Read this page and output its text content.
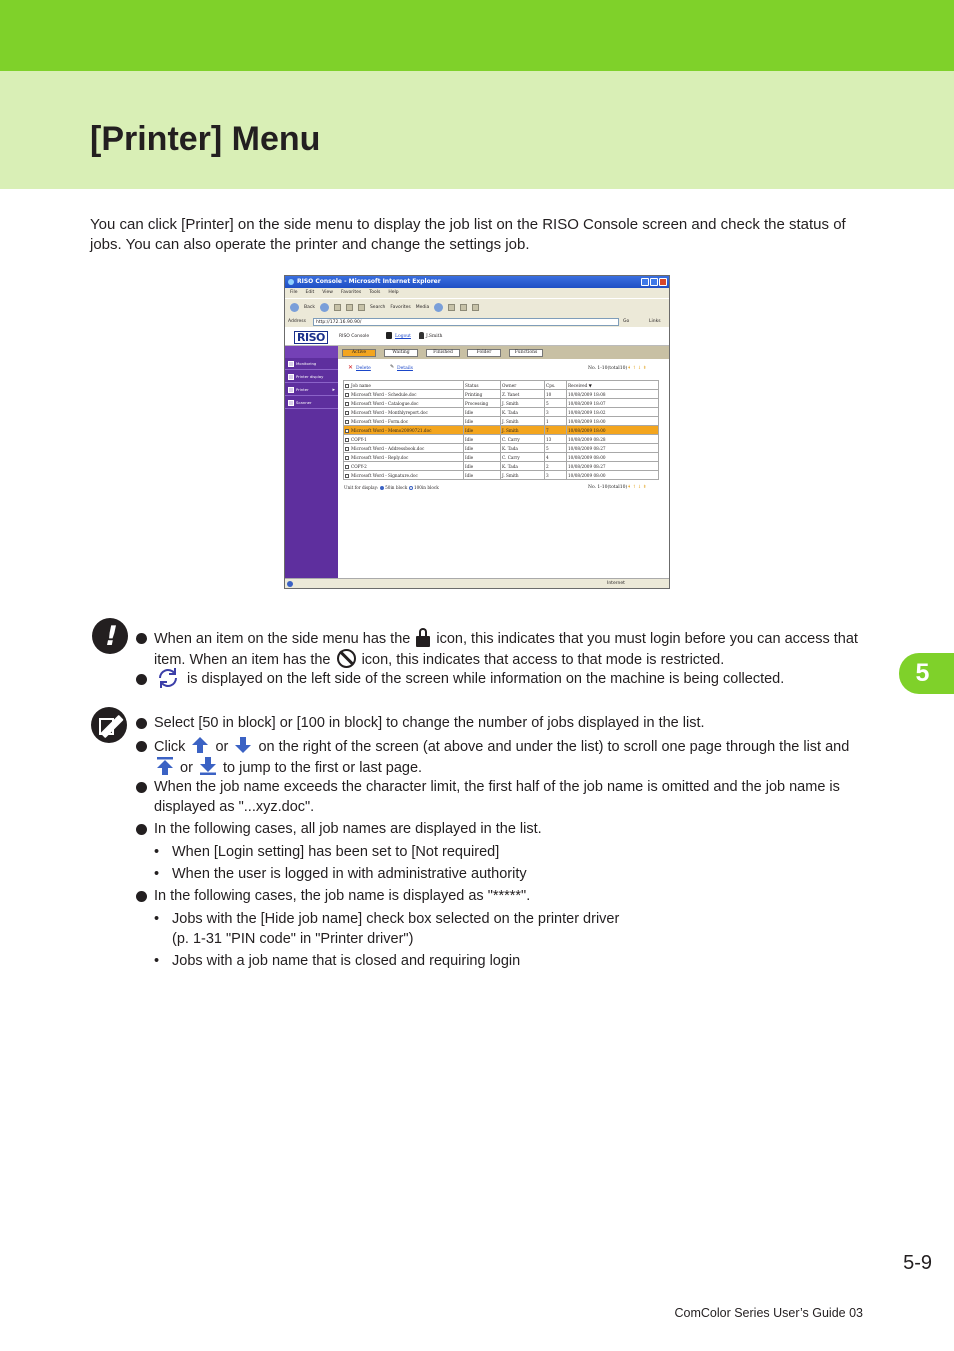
[Printer] Menu

You can click [Printer] on the side menu to display the job list on the RISO Console screen and check the status of jobs. You can also operate the printer and change the settings job.

RISO Console - Microsoft Internet Explorer
File Edit View Favorites Tools Help
Back	Search Favorites Media
Address	http://172.16.90.90/	Go	Links
RISO	RISO Console	Logout	J.Smith
Monitoring
Printer display
Printer	▸
Scanner
Active	Waiting	Finished	Folder	Functions
✕ Delete	✎ Details	No. 1-10(total10)⇞ ↑ ↓ ⇟
Job name	Status	Owner	Cps.	Received ▼
Microsoft Word - Schedule.doc	Printing	Z. Yanet	10	10/08/2009 18:08
Microsoft Word - Catalogue.doc	Processing	J. Smith	5	10/08/2009 18:07
Microsoft Word - Monthlyreport.doc	Idle	K. Tada	3	10/08/2009 18:02
Microsoft Word - Form.doc	Idle	J. Smith	1	10/08/2009 18:00
Microsoft Word - Memo20090721.doc	Idle	J. Smith	7	10/08/2009 18:00
COPY-1	Idle	C. Carry	13	10/08/2009 08:28
Microsoft Word - Addressbook.doc	Idle	K. Tada	5	10/08/2009 08:27
Microsoft Word - Reply.doc	Idle	C. Carry	4	10/08/2009 08:00
COPY-2	Idle	K. Tada	2	10/08/2009 08:27
Microsoft Word - Signature.doc	Idle	J. Smith	3	10/08/2009 08:00
Unit for display: 50in block 100in block	No. 1-10(total10)⇞ ↑ ↓ ⇟
Internet
! When an item on the side menu has the icon, this indicates that you must login before you can access that
item. When an item has the icon, this indicates that access to that mode is restricted.
is displayed on the left side of the screen while information on the machine is being collected.
Select [50 in block] or [100 in block] to change the number of jobs displayed in the list.
Click or on the right of the screen (at above and under the list) to scroll one page through the list and
or to jump to the first or last page.
When the job name exceeds the character limit, the first half of the job name is omitted and the job name is
displayed as "...xyz.doc".
In the following cases, all job names are displayed in the list.
• When [Login setting] has been set to [Not required]
• When the user is logged in with administrative authority
In the following cases, the job name is displayed as "*****".
• Jobs with the [Hide job name] check box selected on the printer driver
(p. 1-31 "PIN code" in "Printer driver")
• Jobs with a job name that is closed and requiring login
5
5-9
ComColor Series User’s Guide 03
